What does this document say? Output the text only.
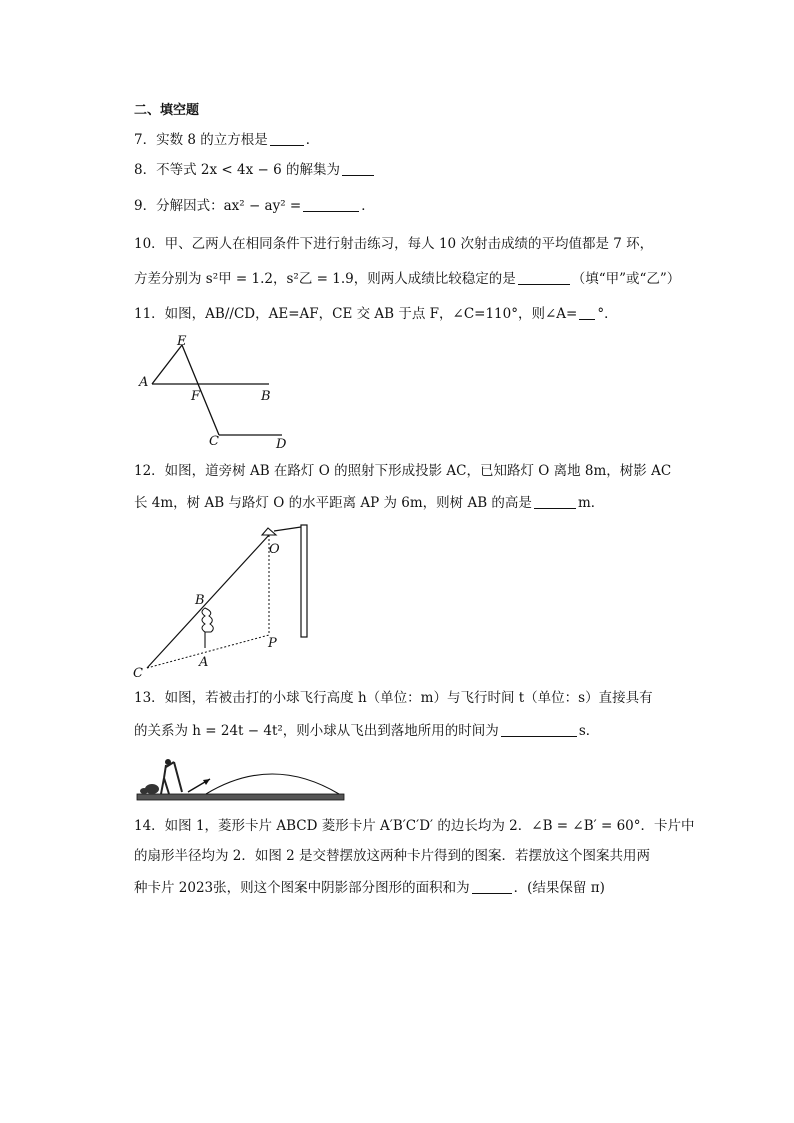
二、填空题
7．实数 8 的立方根是	．
8．不等式 2x < 4x − 6 的解集为
9．分解因式：ax² − ay² =	．
10．甲、乙两人在相同条件下进行射击练习，每人 10 次射击成绩的平均值都是 7 环，
方差分别为 s²甲 = 1.2，s²乙 = 1.9，则两人成绩比较稳定的是	（填“甲”或“乙”）
11．如图，AB//CD，AE=AF，CE 交 AB 于点 F，∠C=110°，则∠A= °．
E
A
F	B
C	D
12．如图，道旁树 AB 在路灯 O 的照射下形成投影 AC，已知路灯 O 离地 8m，树影 AC
长 4m，树 AB 与路灯 O 的水平距离 AP 为 6m，则树 AB 的高是	m．
O
B
P
A
C
13．如图，若被击打的小球飞行高度 h（单位：m）与飞行时间 t（单位：s）直接具有
的关系为 h = 24t − 4t²，则小球从飞出到落地所用的时间为	s．
14．如图 1，菱形卡片 ABCD 菱形卡片 A′B′C′D′ 的边长均为 2．∠B = ∠B′ = 60°．卡片中
的扇形半径均为 2．如图 2 是交替摆放这两种卡片得到的图案．若摆放这个图案共用两
种卡片 2023张，则这个图案中阴影部分图形的面积和为	．(结果保留 π)
